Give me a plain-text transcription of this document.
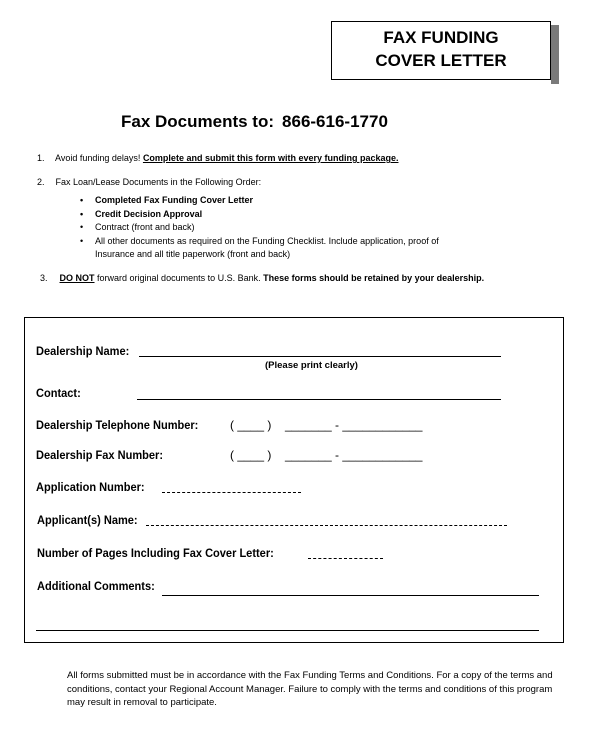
FAX FUNDING
COVER LETTER
Fax Documents to: 866-616-1770
1. Avoid funding delays! Complete and submit this form with every funding package.
2. Fax Loan/Lease Documents in the Following Order:
• Completed Fax Funding Cover Letter
• Credit Decision Approval
• Contract (front and back)
• All other documents as required on the Funding Checklist. Include application, proof of
Insurance and all title paperwork (front and back)
3. DO NOT forward original documents to U.S. Bank. These forms should be retained by your dealership.
Dealership Name:
(Please print clearly)
Contact:
Dealership Telephone Number:	( ____ ) _______ - ____________
Dealership Fax Number:	( ____ ) _______ - ____________
Application Number:
Applicant(s) Name:
Number of Pages Including Fax Cover Letter:
Additional Comments:
All forms submitted must be in accordance with the Fax Funding Terms and Conditions. For a copy of the terms and conditions, contact your Regional Account Manager. Failure to comply with the terms and conditions of this program may result in removal to participate.
